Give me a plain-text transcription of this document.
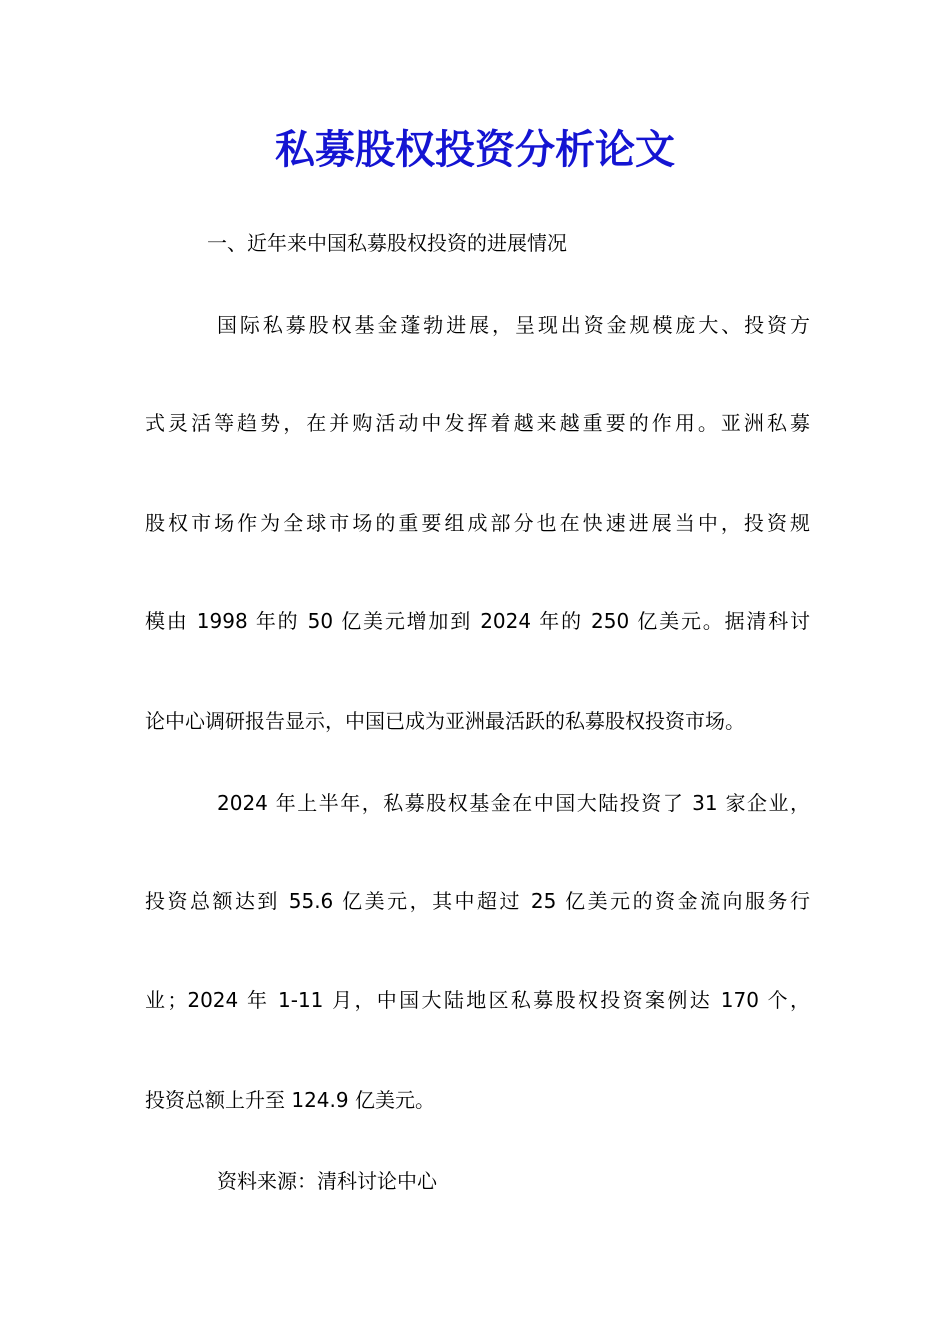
私募股权投资分析论文

一、近年来中国私募股权投资的进展情况

国际私募股权基金蓬勃进展，呈现出资金规模庞大、投资方

式灵活等趋势，在并购活动中发挥着越来越重要的作用。亚洲私募

股权市场作为全球市场的重要组成部分也在快速进展当中，投资规

模由 1998 年的 50 亿美元增加到 2024 年的 250 亿美元。据清科讨

论中心调研报告显示，中国已成为亚洲最活跃的私募股权投资市场。

2024 年上半年，私募股权基金在中国大陆投资了 31 家企业，

投资总额达到 55.6 亿美元，其中超过 25 亿美元的资金流向服务行

业；2024 年 1-11 月，中国大陆地区私募股权投资案例达 170 个，

投资总额上升至 124.9 亿美元。

资料来源：清科讨论中心
